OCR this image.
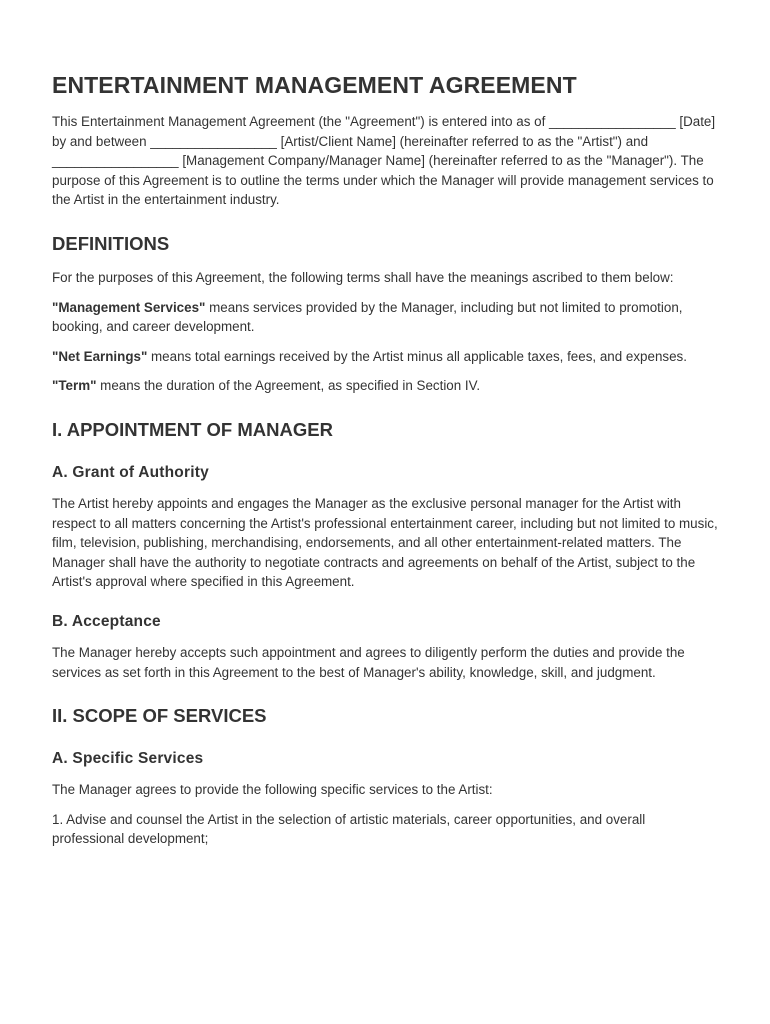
ENTERTAINMENT MANAGEMENT AGREEMENT

This Entertainment Management Agreement (the "Agreement") is entered into as of _________________ [Date] by and between _________________ [Artist/Client Name] (hereinafter referred to as the "Artist") and _________________ [Management Company/Manager Name] (hereinafter referred to as the "Manager"). The purpose of this Agreement is to outline the terms under which the Manager will provide management services to the Artist in the entertainment industry.

DEFINITIONS

For the purposes of this Agreement, the following terms shall have the meanings ascribed to them below:

"Management Services" means services provided by the Manager, including but not limited to promotion, booking, and career development.

"Net Earnings" means total earnings received by the Artist minus all applicable taxes, fees, and expenses.

"Term" means the duration of the Agreement, as specified in Section IV.

I. APPOINTMENT OF MANAGER
A. Grant of Authority

The Artist hereby appoints and engages the Manager as the exclusive personal manager for the Artist with respect to all matters concerning the Artist's professional entertainment career, including but not limited to music, film, television, publishing, merchandising, endorsements, and all other entertainment-related matters. The Manager shall have the authority to negotiate contracts and agreements on behalf of the Artist, subject to the Artist's approval where specified in this Agreement.

B. Acceptance

The Manager hereby accepts such appointment and agrees to diligently perform the duties and provide the services as set forth in this Agreement to the best of Manager's ability, knowledge, skill, and judgment.

II. SCOPE OF SERVICES
A. Specific Services

The Manager agrees to provide the following specific services to the Artist:

1. Advise and counsel the Artist in the selection of artistic materials, career opportunities, and overall professional development;
